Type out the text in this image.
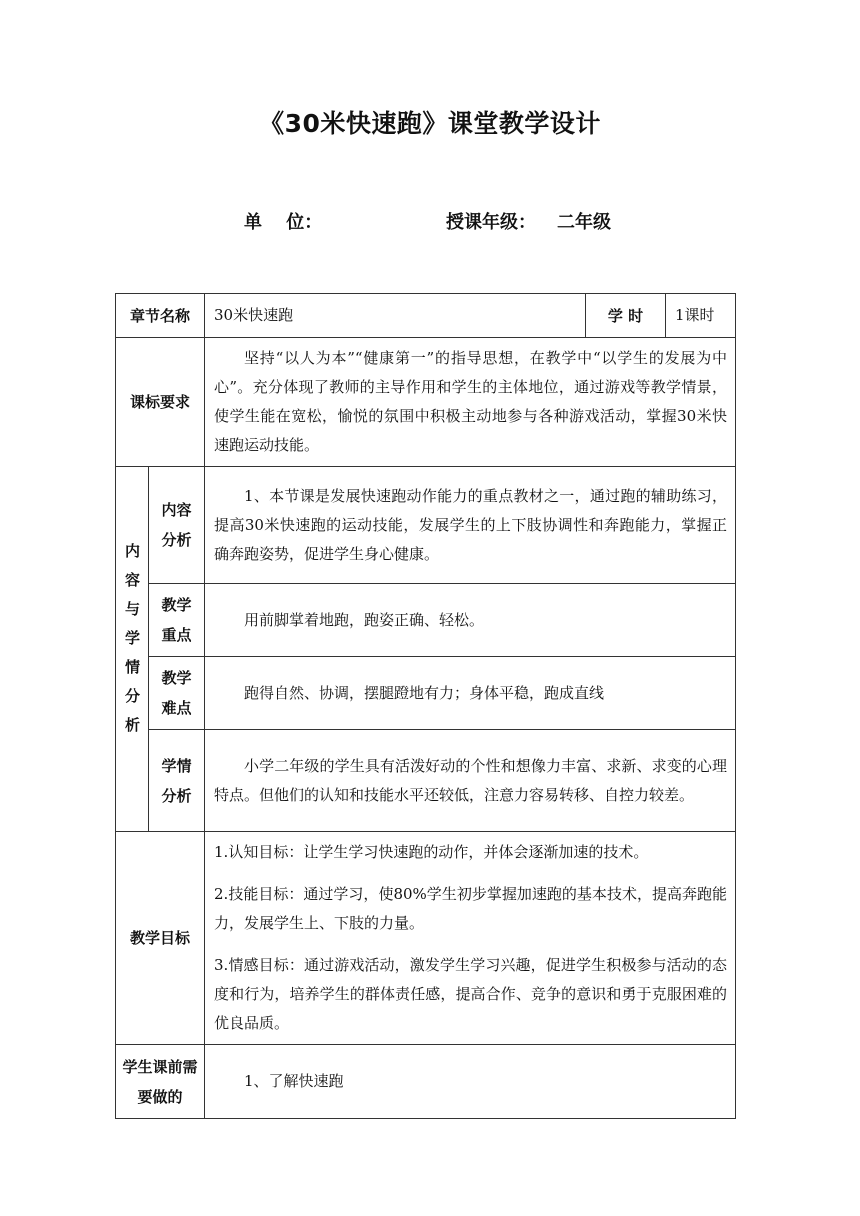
《30米快速跑》课堂教学设计
单　 位：	授课年级： 二年级
章节名称		30米快速跑	学 时	1课时
课标要求		坚持“以人为本”“健康第一”的指导思想，在教学中“以学生的发展为中心”。充分体现了教师的主导作用和学生的主体地位，通过游戏等教学情景，使学生能在宽松，愉悦的氛围中积极主动地参与各种游戏活动，掌握30米快速跑运动技能。		
内容与学情分析	内容分析	1、本节课是发展快速跑动作能力的重点教材之一，通过跑的辅助练习，提高30米快速跑的运动技能，发展学生的上下肢协调性和奔跑能力，掌握正确奔跑姿势，促进学生身心健康。		
	教学重点	用前脚掌着地跑，跑姿正确、轻松。		
	教学难点	跑得自然、协调，摆腿蹬地有力；身体平稳，跑成直线		
	学情分析	小学二年级的学生具有活泼好动的个性和想像力丰富、求新、求变的心理特点。但他们的认知和技能水平还较低，注意力容易转移、自控力较差。		
教学目标		1.认知目标：让学生学习快速跑的动作，并体会逐渐加速的技术。

2.技能目标：通过学习，使80%学生初步掌握加速跑的基本技术，提高奔跑能力，发展学生上、下肢的力量。

3.情感目标：通过游戏活动，激发学生学习兴趣，促进学生积极参与活动的态度和行为，培养学生的群体责任感，提高合作、竞争的意识和勇于克服困难的优良品质。		

学生课前需要做的		1、了解快速跑		
